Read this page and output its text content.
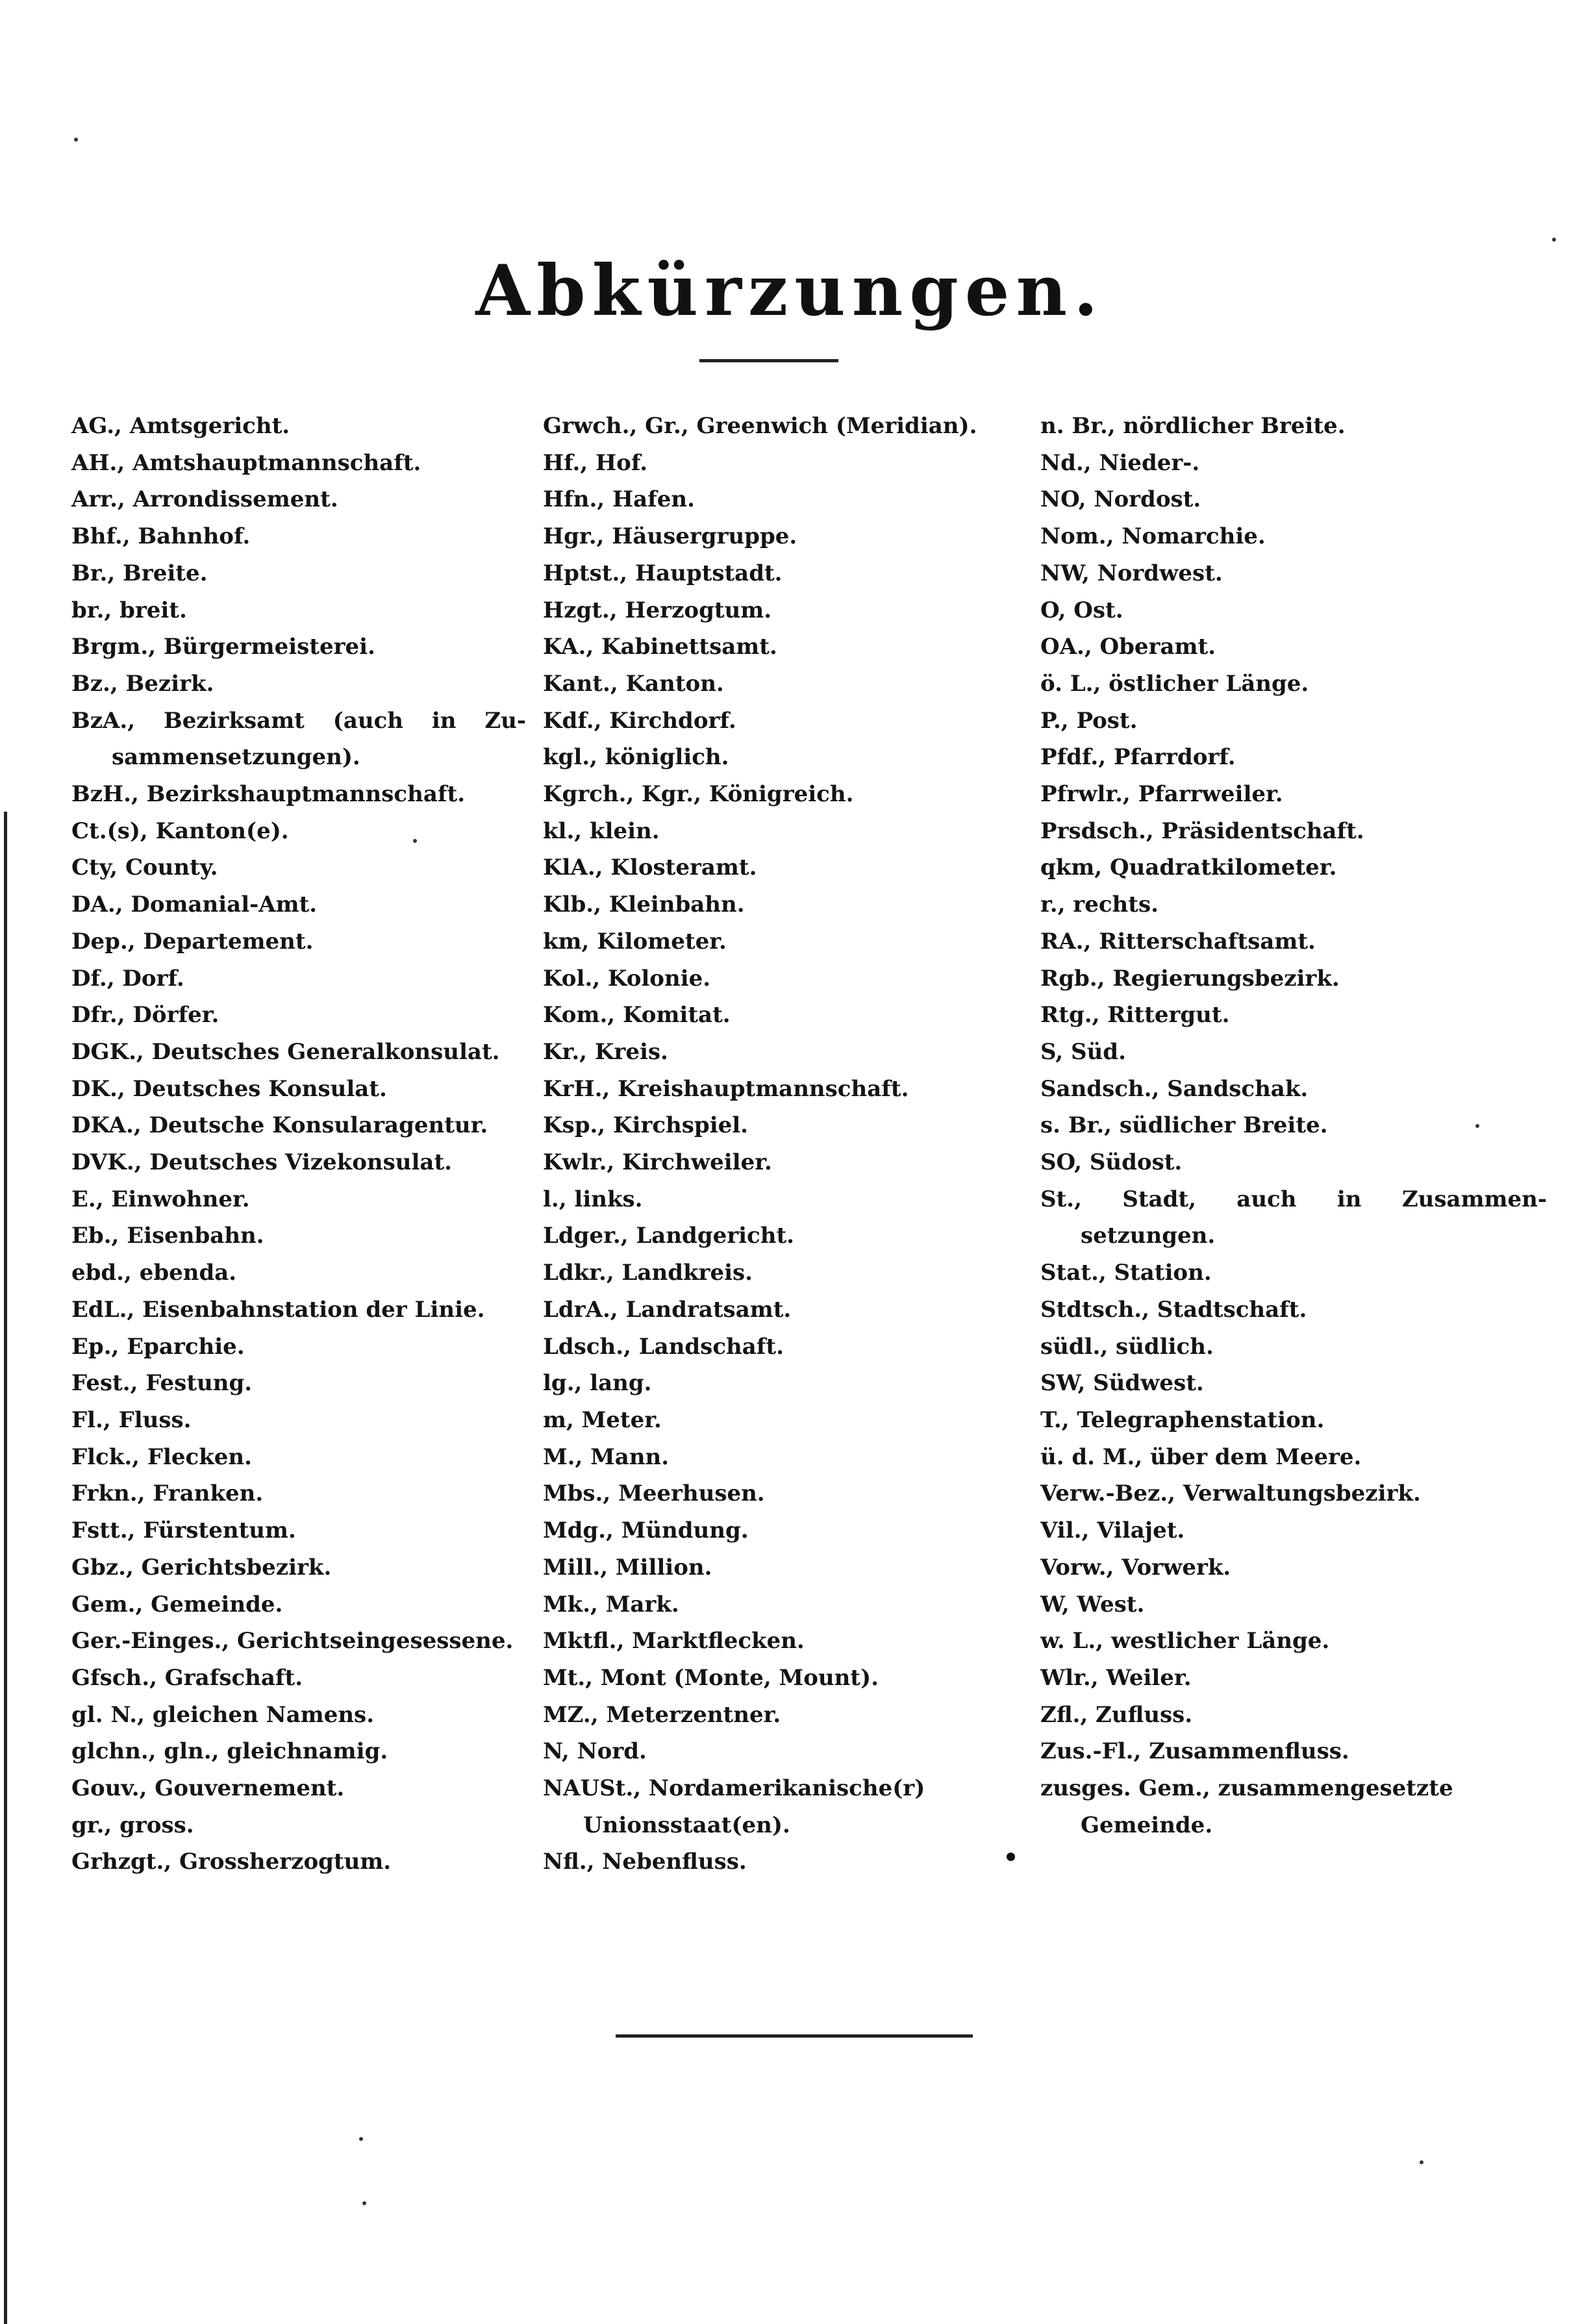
Abkürzungen.
AG., Amtsgericht.
AH., Amtshauptmannschaft.
Arr., Arrondissement.
Bhf., Bahnhof.
Br., Breite.
br., breit.
Brgm., Bürgermeisterei.
Bz., Bezirk.
BzA., Bezirksamt (auch in Zu-
sammensetzungen).
BzH., Bezirkshauptmannschaft.
Ct.(s), Kanton(e).
Cty, County.
DA., Domanial-Amt.
Dep., Departement.
Df., Dorf.
Dfr., Dörfer.
DGK., Deutsches Generalkonsulat.
DK., Deutsches Konsulat.
DKA., Deutsche Konsularagentur.
DVK., Deutsches Vizekonsulat.
E., Einwohner.
Eb., Eisenbahn.
ebd., ebenda.
EdL., Eisenbahnstation der Linie.
Ep., Eparchie.
Fest., Festung.
Fl., Fluss.
Flck., Flecken.
Frkn., Franken.
Fstt., Fürstentum.
Gbz., Gerichtsbezirk.
Gem., Gemeinde.
Ger.-Einges., Gerichtseingesessene.
Gfsch., Grafschaft.
gl. N., gleichen Namens.
glchn., gln., gleichnamig.
Gouv., Gouvernement.
gr., gross.
Grhzgt., Grossherzogtum.
Grwch., Gr., Greenwich (Meridian).
Hf., Hof.
Hfn., Hafen.
Hgr., Häusergruppe.
Hptst., Hauptstadt.
Hzgt., Herzogtum.
KA., Kabinettsamt.
Kant., Kanton.
Kdf., Kirchdorf.
kgl., königlich.
Kgrch., Kgr., Königreich.
kl., klein.
KlA., Klosteramt.
Klb., Kleinbahn.
km, Kilometer.
Kol., Kolonie.
Kom., Komitat.
Kr., Kreis.
KrH., Kreishauptmannschaft.
Ksp., Kirchspiel.
Kwlr., Kirchweiler.
l., links.
Ldger., Landgericht.
Ldkr., Landkreis.
LdrA., Landratsamt.
Ldsch., Landschaft.
lg., lang.
m, Meter.
M., Mann.
Mbs., Meerhusen.
Mdg., Mündung.
Mill., Million.
Mk., Mark.
Mktfl., Marktflecken.
Mt., Mont (Monte, Mount).
MZ., Meterzentner.
N, Nord.
NAUSt., Nordamerikanische(r)
Unionsstaat(en).
Nfl., Nebenfluss.
n. Br., nördlicher Breite.
Nd., Nieder-.
NO, Nordost.
Nom., Nomarchie.
NW, Nordwest.
O, Ost.
OA., Oberamt.
ö. L., östlicher Länge.
P., Post.
Pfdf., Pfarrdorf.
Pfrwlr., Pfarrweiler.
Prsdsch., Präsidentschaft.
qkm, Quadratkilometer.
r., rechts.
RA., Ritterschaftsamt.
Rgb., Regierungsbezirk.
Rtg., Rittergut.
S, Süd.
Sandsch., Sandschak.
s. Br., südlicher Breite.
SO, Südost.
St., Stadt, auch in Zusammen-
setzungen.
Stat., Station.
Stdtsch., Stadtschaft.
südl., südlich.
SW, Südwest.
T., Telegraphenstation.
ü. d. M., über dem Meere.
Verw.-Bez., Verwaltungsbezirk.
Vil., Vilajet.
Vorw., Vorwerk.
W, West.
w. L., westlicher Länge.
Wlr., Weiler.
Zfl., Zufluss.
Zus.-Fl., Zusammenfluss.
zusges. Gem., zusammengesetzte
Gemeinde.
